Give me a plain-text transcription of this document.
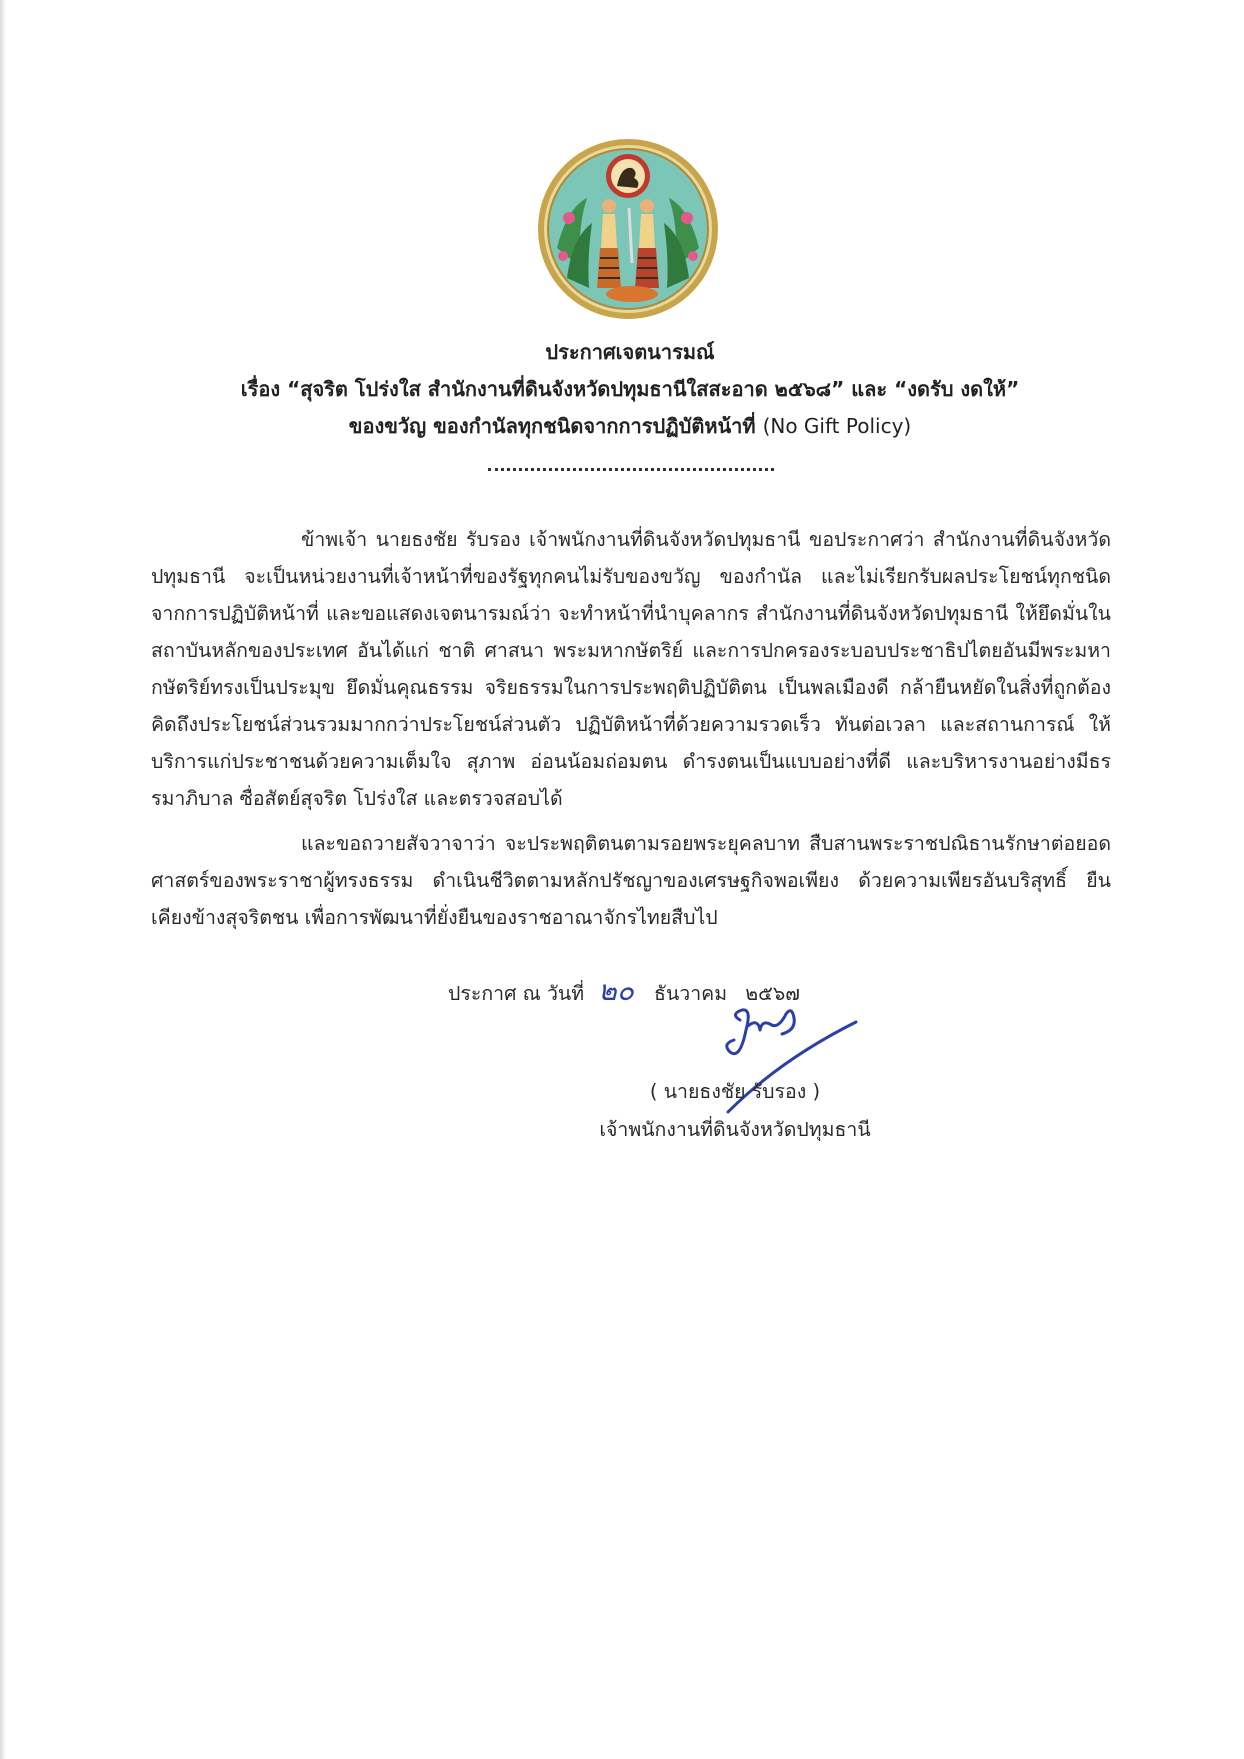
ประกาศเจตนารมณ์
เรื่อง “สุจริต โปร่งใส สำนักงานที่ดินจังหวัดปทุมธานีใสสะอาด ๒๕๖๘” และ “งดรับ งดให้”
ของขวัญ ของกำนัลทุกชนิดจากการปฏิบัติหน้าที่ (No Gift Policy)

ข้าพเจ้า นายธงชัย รับรอง เจ้าพนักงานที่ดินจังหวัดปทุมธานี ขอประกาศว่า สำนักงานที่ดินจังหวัดปทุมธานี จะเป็นหน่วยงานที่เจ้าหน้าที่ของรัฐทุกคนไม่รับของขวัญ ของกำนัล และไม่เรียกรับผลประโยชน์ทุกชนิด จากการปฏิบัติหน้าที่ และขอแสดงเจตนารมณ์ว่า จะทำหน้าที่นำบุคลากร สำนักงานที่ดินจังหวัดปทุมธานี ให้ยึดมั่นในสถาบันหลักของประเทศ อันได้แก่ ชาติ ศาสนา พระมหากษัตริย์ และการปกครองระบอบประชาธิปไตยอันมีพระมหากษัตริย์ทรงเป็นประมุข ยึดมั่นคุณธรรม จริยธรรมในการประพฤติปฏิบัติตน เป็นพลเมืองดี กล้ายืนหยัดในสิ่งที่ถูกต้อง คิดถึงประโยชน์ส่วนรวมมากกว่าประโยชน์ส่วนตัว ปฏิบัติหน้าที่ด้วยความรวดเร็ว ทันต่อเวลา และสถานการณ์ ให้บริการแก่ประชาชนด้วยความเต็มใจ สุภาพ อ่อนน้อมถ่อมตน ดำรงตนเป็นแบบอย่างที่ดี และบริหารงานอย่างมีธรรมาภิบาล ซื่อสัตย์สุจริต โปร่งใส และตรวจสอบได้

และขอถวายสัจวาจาว่า จะประพฤติตนตามรอยพระยุคลบาท สืบสานพระราชปณิธานรักษาต่อยอดศาสตร์ของพระราชาผู้ทรงธรรม ดำเนินชีวิตตามหลักปรัชญาของเศรษฐกิจพอเพียง ด้วยความเพียรอันบริสุทธิ์ ยืนเคียงข้างสุจริตชน เพื่อการพัฒนาที่ยั่งยืนของราชอาณาจักรไทยสืบไป

ประกาศ ณ วันที่ ๒๐ ธันวาคม ๒๕๖๗
( นายธงชัย รับรอง )
เจ้าพนักงานที่ดินจังหวัดปทุมธานี
